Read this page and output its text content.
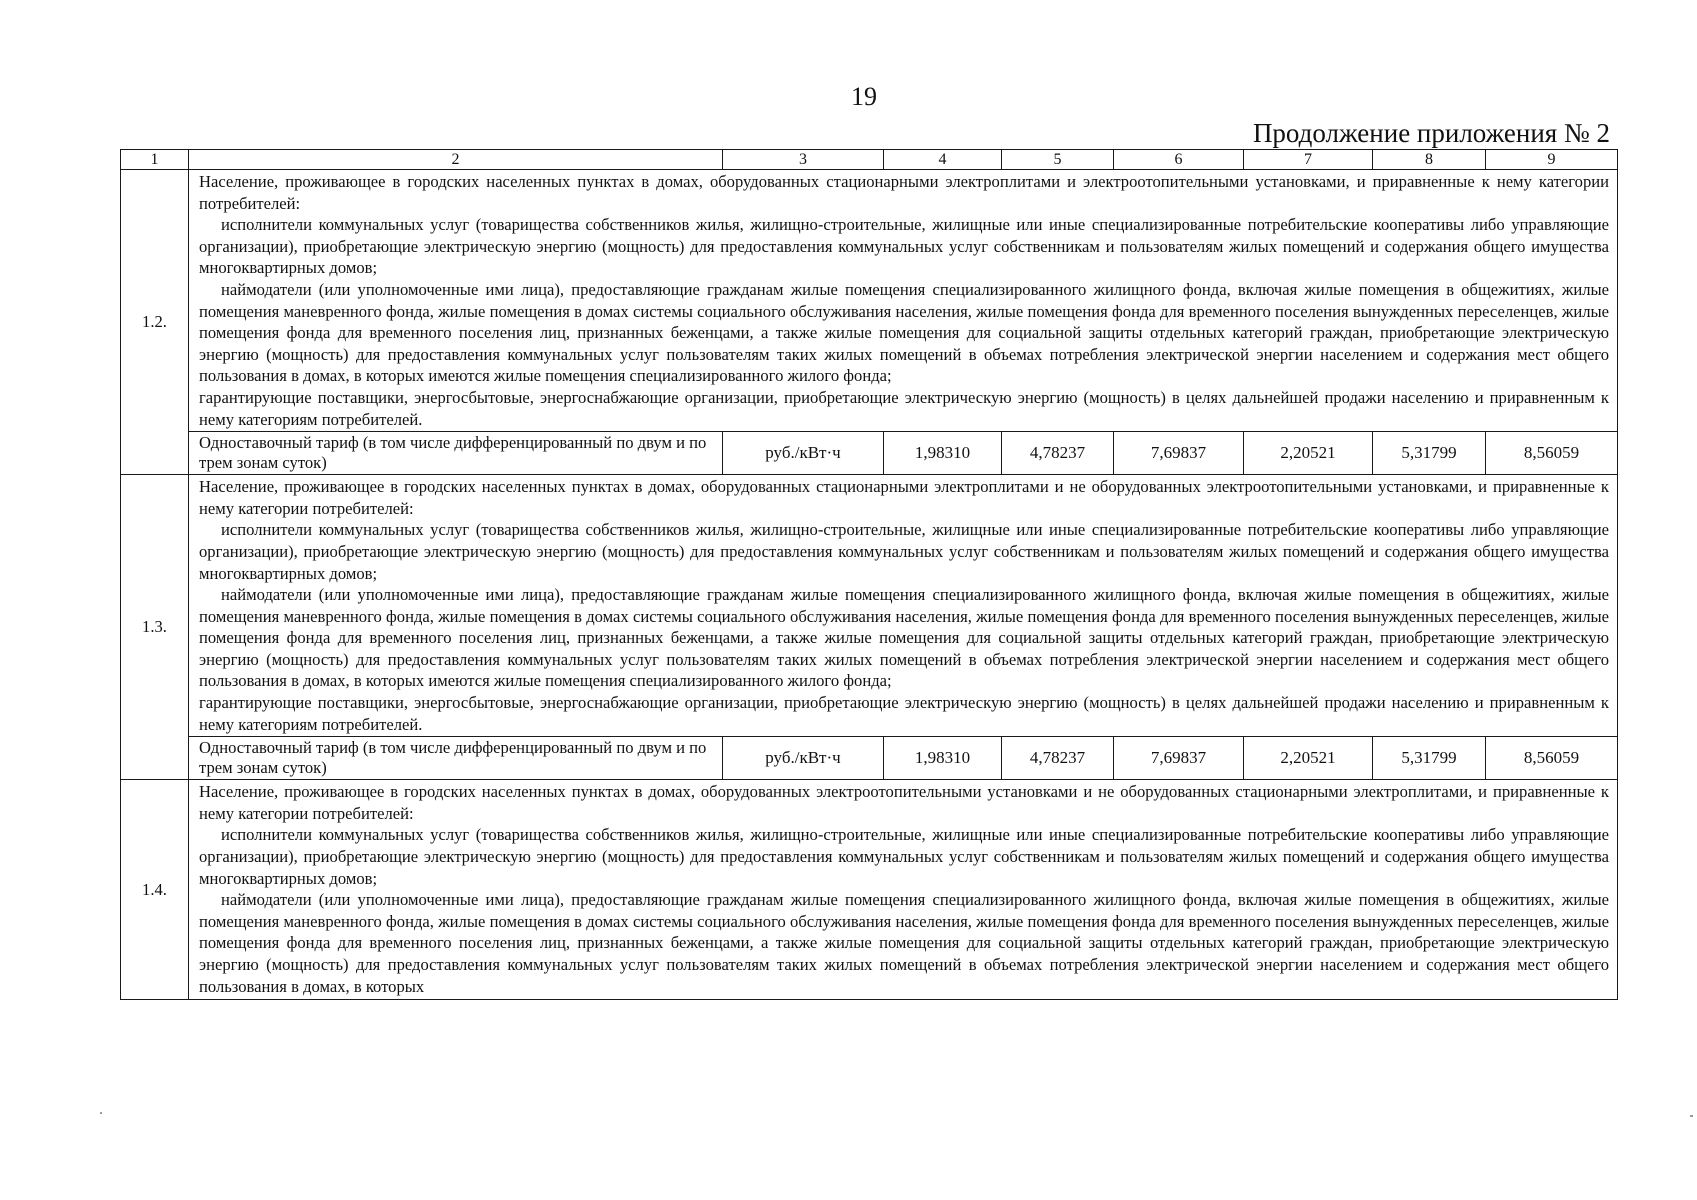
19
Продолжение приложения № 2
1	2	3	4	5	6	7	8	9
1.2.	Население, проживающее в городских населенных пунктах в домах, оборудованных стационарными электроплитами и электроотопительными установками, и приравненные к нему категории потребителей:

исполнители коммунальных услуг (товарищества собственников жилья, жилищно-строительные, жилищные или иные специализированные потребительские кооперативы либо управляющие организации), приобретающие электрическую энергию (мощность) для предоставления коммунальных услуг собственникам и пользователям жилых помещений и содержания общего имущества многоквартирных домов;

наймодатели (или уполномоченные ими лица), предоставляющие гражданам жилые помещения специализированного жилищного фонда, включая жилые помещения в общежитиях, жилые помещения маневренного фонда, жилые помещения в домах системы социального обслуживания населения, жилые помещения фонда для временного поселения вынужденных переселенцев, жилые помещения фонда для временного поселения лиц, признанных беженцами, а также жилые помещения для социальной защиты отдельных категорий граждан, приобретающие электрическую энергию (мощность) для предоставления коммунальных услуг пользователям таких жилых помещений в объемах потребления электрической энергии населением и содержания мест общего пользования в домах, в которых имеются жилые помещения специализированного жилого фонда;

гарантирующие поставщики, энергосбытовые, энергоснабжающие организации, приобретающие электрическую энергию (мощность) в целях дальнейшей продажи населению и приравненным к нему категориям потребителей.							

	Одноставочный тариф (в том числе дифференцированный по двум и по трем зонам суток)	руб./кВт·ч	1,98310	4,78237	7,69837	2,20521	5,31799	8,56059
1.3.	Население, проживающее в городских населенных пунктах в домах, оборудованных стационарными электроплитами и не оборудованных электроотопительными установками, и приравненные к нему категории потребителей:

исполнители коммунальных услуг (товарищества собственников жилья, жилищно-строительные, жилищные или иные специализированные потребительские кооперативы либо управляющие организации), приобретающие электрическую энергию (мощность) для предоставления коммунальных услуг собственникам и пользователям жилых помещений и содержания общего имущества многоквартирных домов;

наймодатели (или уполномоченные ими лица), предоставляющие гражданам жилые помещения специализированного жилищного фонда, включая жилые помещения в общежитиях, жилые помещения маневренного фонда, жилые помещения в домах системы социального обслуживания населения, жилые помещения фонда для временного поселения вынужденных переселенцев, жилые помещения фонда для временного поселения лиц, признанных беженцами, а также жилые помещения для социальной защиты отдельных категорий граждан, приобретающие электрическую энергию (мощность) для предоставления коммунальных услуг пользователям таких жилых помещений в объемах потребления электрической энергии населением и содержания мест общего пользования в домах, в которых имеются жилые помещения специализированного жилого фонда;

гарантирующие поставщики, энергосбытовые, энергоснабжающие организации, приобретающие электрическую энергию (мощность) в целях дальнейшей продажи населению и приравненным к нему категориям потребителей.							

	Одноставочный тариф (в том числе дифференцированный по двум и по трем зонам суток)	руб./кВт·ч	1,98310	4,78237	7,69837	2,20521	5,31799	8,56059
1.4.	Население, проживающее в городских населенных пунктах в домах, оборудованных электроотопительными установками и не оборудованных стационарными электроплитами, и приравненные к нему категории потребителей:

исполнители коммунальных услуг (товарищества собственников жилья, жилищно-строительные, жилищные или иные специализированные потребительские кооперативы либо управляющие организации), приобретающие электрическую энергию (мощность) для предоставления коммунальных услуг собственникам и пользователям жилых помещений и содержания общего имущества многоквартирных домов;

наймодатели (или уполномоченные ими лица), предоставляющие гражданам жилые помещения специализированного жилищного фонда, включая жилые помещения в общежитиях, жилые помещения маневренного фонда, жилые помещения в домах системы социального обслуживания населения, жилые помещения фонда для временного поселения вынужденных переселенцев, жилые помещения фонда для временного поселения лиц, признанных беженцами, а также жилые помещения для социальной защиты отдельных категорий граждан, приобретающие электрическую энергию (мощность) для предоставления коммунальных услуг пользователям таких жилых помещений в объемах потребления электрической энергии населением и содержания мест общего пользования в домах, в которых							
